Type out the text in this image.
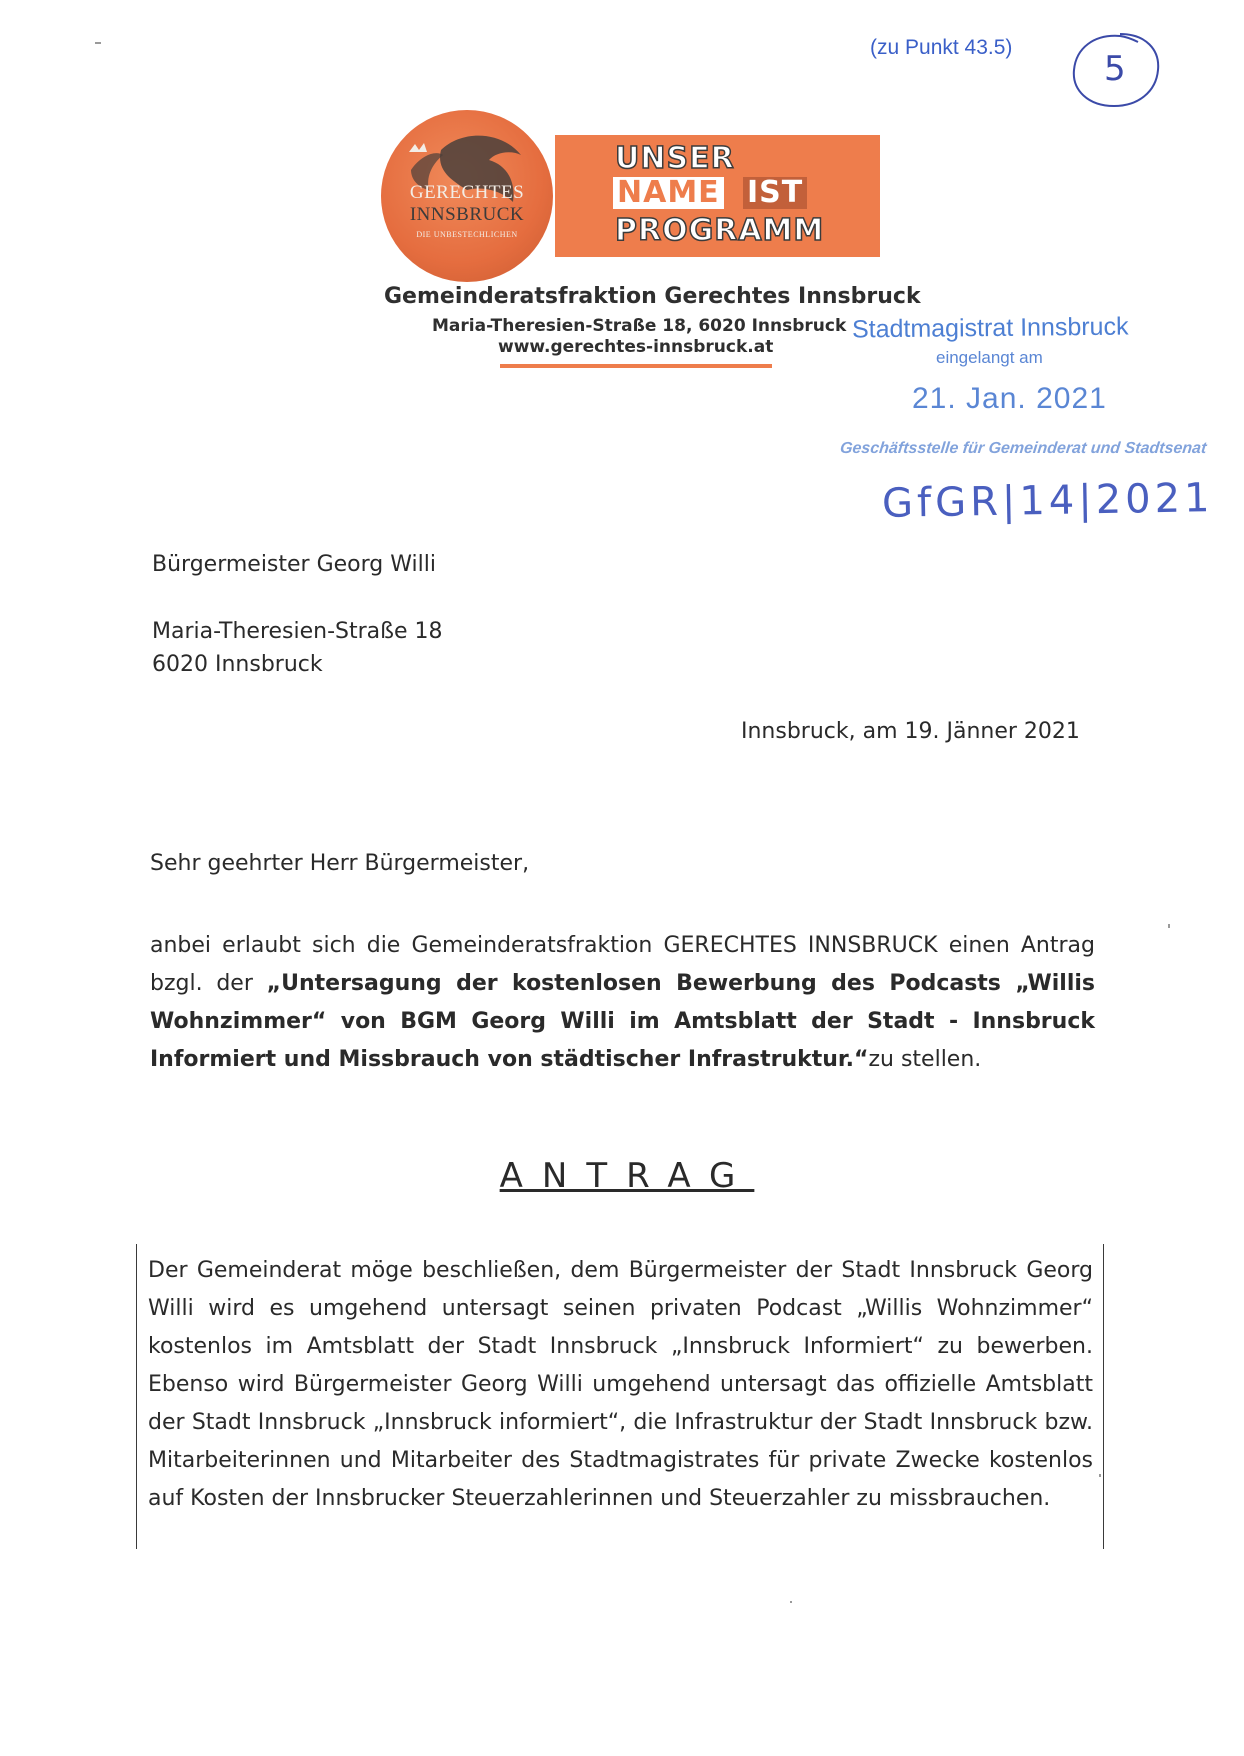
(zu Punkt 43.5)
5
GERECHTES
INNSBRUCK
DIE UNBESTECHLICHEN
UNSER
NAME IST
PROGRAMM
Gemeinderatsfraktion Gerechtes Innsbruck
Maria-Theresien-Straße 18, 6020 Innsbruck
www.gerechtes-innsbruck.at
Stadtmagistrat Innsbruck
eingelangt am
21. Jan. 2021
Geschäftsstelle für Gemeinderat und Stadtsenat
GfGR|14|2021
Bürgermeister Georg Willi
Maria-Theresien-Straße 18
6020 Innsbruck
Innsbruck, am 19. Jänner 2021
Sehr geehrter Herr Bürgermeister,
anbei erlaubt sich die Gemeinderatsfraktion GERECHTES INNSBRUCK einen Antrag bzgl. der „Untersagung der kostenlosen Bewerbung des Podcasts „Willis Wohnzimmer“ von BGM Georg Willi im Amtsblatt der Stadt - Innsbruck Informiert und Missbrauch von städtischer Infrastruktur.“zu stellen.
ANTRAG
Der Gemeinderat möge beschließen, dem Bürgermeister der Stadt Innsbruck Georg Willi wird es umgehend untersagt seinen privaten Podcast „Willis Wohnzimmer“ kostenlos im Amtsblatt der Stadt Innsbruck „Innsbruck Informiert“ zu bewerben. Ebenso wird Bürgermeister Georg Willi umgehend untersagt das offizielle Amtsblatt der Stadt Innsbruck „Innsbruck informiert“, die Infrastruktur der Stadt Innsbruck bzw. Mitarbeiterinnen und Mitarbeiter des Stadtmagistrates für private Zwecke kostenlos auf Kosten der Innsbrucker Steuerzahlerinnen und Steuerzahler zu missbrauchen.
